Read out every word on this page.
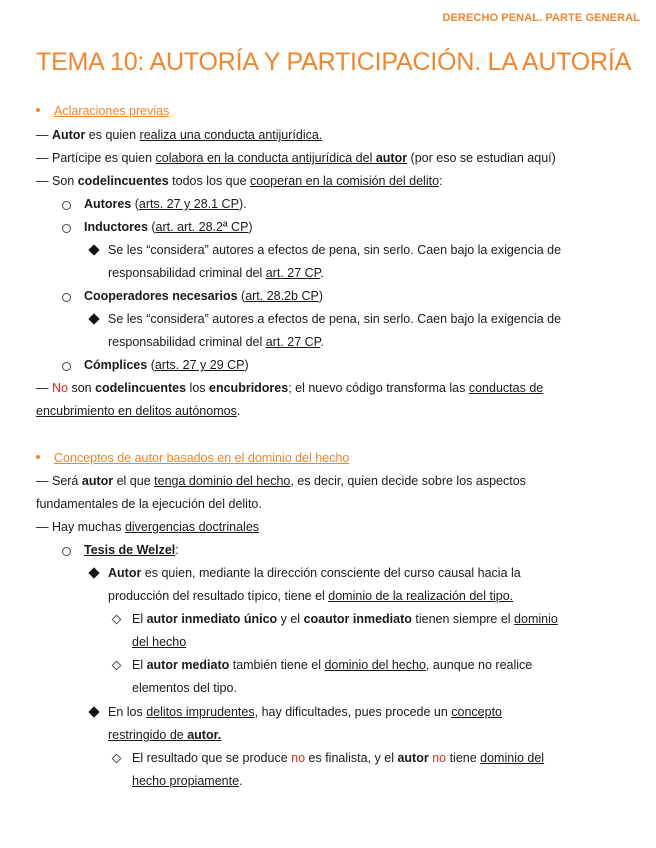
DERECHO PENAL. PARTE GENERAL
TEMA 10: AUTORÍA Y PARTICIPACIÓN. LA AUTORÍA
Aclaraciones previas
— Autor es quien realiza una conducta antijurídica.
— Partícipe es quien colabora en la conducta antijurídica del autor (por eso se estudian aquí)
— Son codelincuentes todos los que cooperan en la comisión del delito:
Autores (arts. 27 y 28.1 CP).
Inductores (art. art. 28.2ª CP)
Se les “considera” autores a efectos de pena, sin serlo. Caen bajo la exigencia de
responsabilidad criminal del art. 27 CP.
Cooperadores necesarios (art. 28.2b CP)
Se les “considera” autores a efectos de pena, sin serlo. Caen bajo la exigencia de
responsabilidad criminal del art. 27 CP.
Cómplices (arts. 27 y 29 CP)
— No son codelincuentes los encubridores; el nuevo código transforma las conductas de
encubrimiento en delitos autónomos.
Conceptos de autor basados en el dominio del hecho
— Será autor el que tenga dominio del hecho, es decir, quien decide sobre los aspectos
fundamentales de la ejecución del delito.
— Hay muchas divergencias doctrinales
Tesis de Welzel:
Autor es quien, mediante la dirección consciente del curso causal hacia la
producción del resultado típico, tiene el dominio de la realización del tipo.
El autor inmediato único y el coautor inmediato tienen siempre el dominio
del hecho
El autor mediato también tiene el dominio del hecho, aunque no realice
elementos del tipo.
En los delitos imprudentes, hay dificultades, pues procede un concepto
restringido de autor.
El resultado que se produce no es finalista, y el autor no tiene dominio del
hecho propiamente.
